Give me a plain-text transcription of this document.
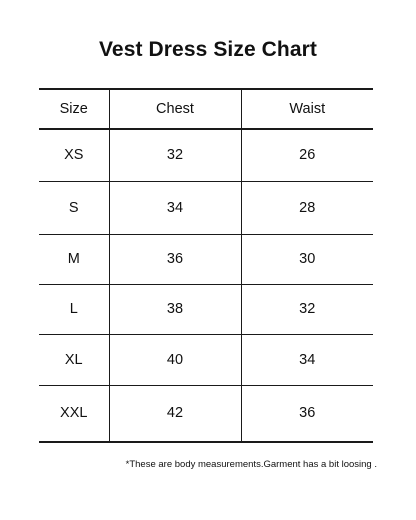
Vest Dress Size Chart
Size	Chest	Waist
XS	32	26
S	34	28
M	36	30
L	38	32
XL	40	34
XXL	42	36
*These are body measurements.Garment has a bit loosing .
